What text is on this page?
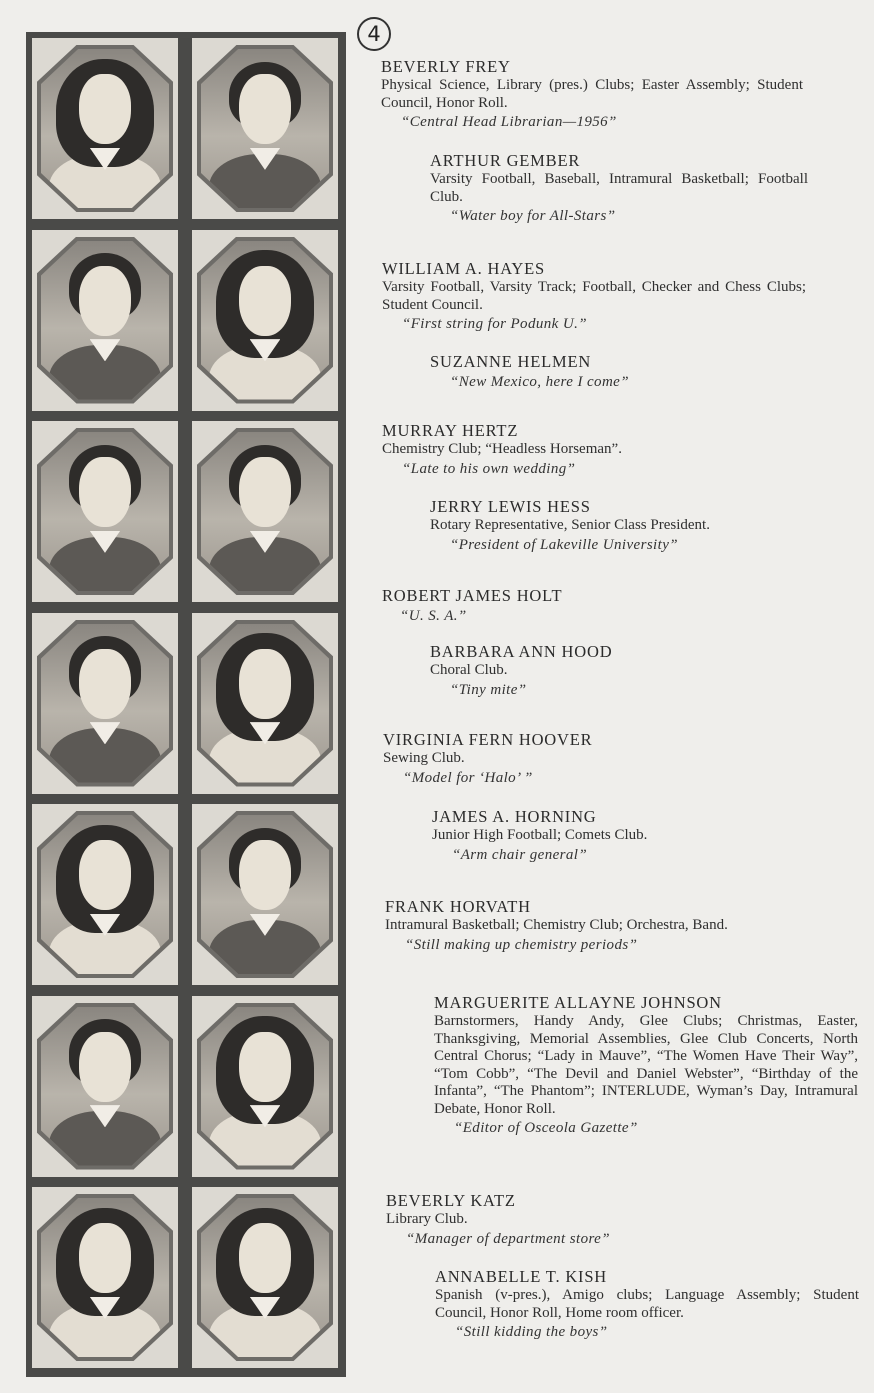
4
BEVERLY FREY
Physical Science, Library (pres.) Clubs; Easter Assembly; Student Council, Honor Roll.
“Central Head Librarian—1956”
ARTHUR GEMBER
Varsity Football, Baseball, Intramural Basketball; Football Club.
“Water boy for All-Stars”
WILLIAM A. HAYES
Varsity Football, Varsity Track; Football, Checker and Chess Clubs; Student Council.
“First string for Podunk U.”
SUZANNE HELMEN
“New Mexico, here I come”
MURRAY HERTZ
Chemistry Club; “Headless Horseman”.
“Late to his own wedding”
JERRY LEWIS HESS
Rotary Representative, Senior Class President.
“President of Lakeville University”
ROBERT JAMES HOLT
“U. S. A.”
BARBARA ANN HOOD
Choral Club.
“Tiny mite”
VIRGINIA FERN HOOVER
Sewing Club.
“Model for ‘Halo’ ”
JAMES A. HORNING
Junior High Football; Comets Club.
“Arm chair general”
FRANK HORVATH
Intramural Basketball; Chemistry Club; Orchestra, Band.
“Still making up chemistry periods”
MARGUERITE ALLAYNE JOHNSON
Barnstormers, Handy Andy, Glee Clubs; Christmas, Easter, Thanksgiving, Memorial Assemblies, Glee Club Concerts, North Central Chorus; “Lady in Mauve”, “The Women Have Their Way”, “Tom Cobb”, “The Devil and Daniel Webster”, “Birthday of the Infanta”, “The Phantom”; INTERLUDE, Wyman’s Day, Intramural Debate, Honor Roll.
“Editor of Osceola Gazette”
BEVERLY KATZ
Library Club.
“Manager of department store”
ANNABELLE T. KISH
Spanish (v-pres.), Amigo clubs; Language Assembly; Student Council, Honor Roll, Home room officer.
“Still kidding the boys”
